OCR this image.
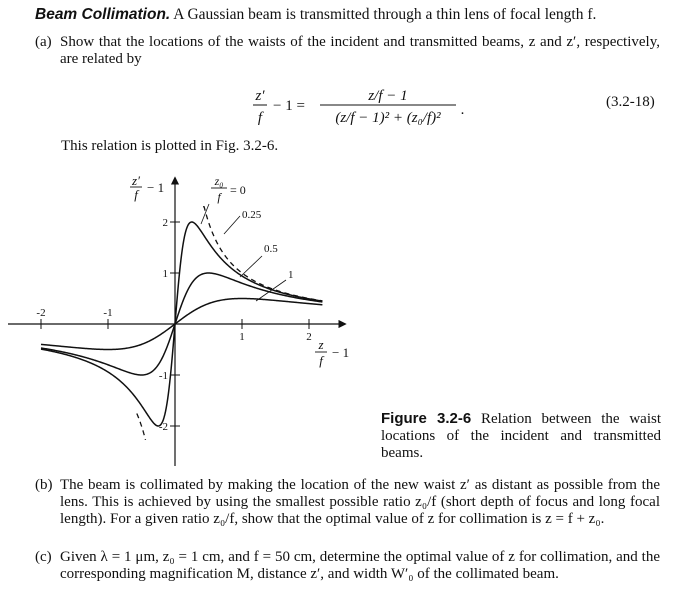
Beam Collimation. A Gaussian beam is transmitted through a thin lens of focal length f.
(a) Show that the locations of the waists of the incident and transmitted beams, z and z′, respectively, are related by
z′
f
− 1 =
z/f − 1
(z/f − 1)² + (z₀/f)² ·
(3.2-18)
This relation is plotted in Fig. 3.2-6.
-2	-1
1	2
2
1
-1
-2
z′
f − 1
z
f
− 1
z₀
f = 0
0.25
0.5
1
Figure 3.2-6 Relation between the waist locations of the incident and transmitted beams.
(b) The beam is collimated by making the location of the new waist z′ as distant as possible from the lens. This is achieved by using the smallest possible ratio z₀/f (short depth of focus and long focal length). For a given ratio z₀/f, show that the optimal value of z for collimation is z = f + z₀.
(c) Given λ = 1 μm, z₀ = 1 cm, and f = 50 cm, determine the optimal value of z for collimation, and the corresponding magnification M, distance z′, and width W′₀ of the collimated beam.
